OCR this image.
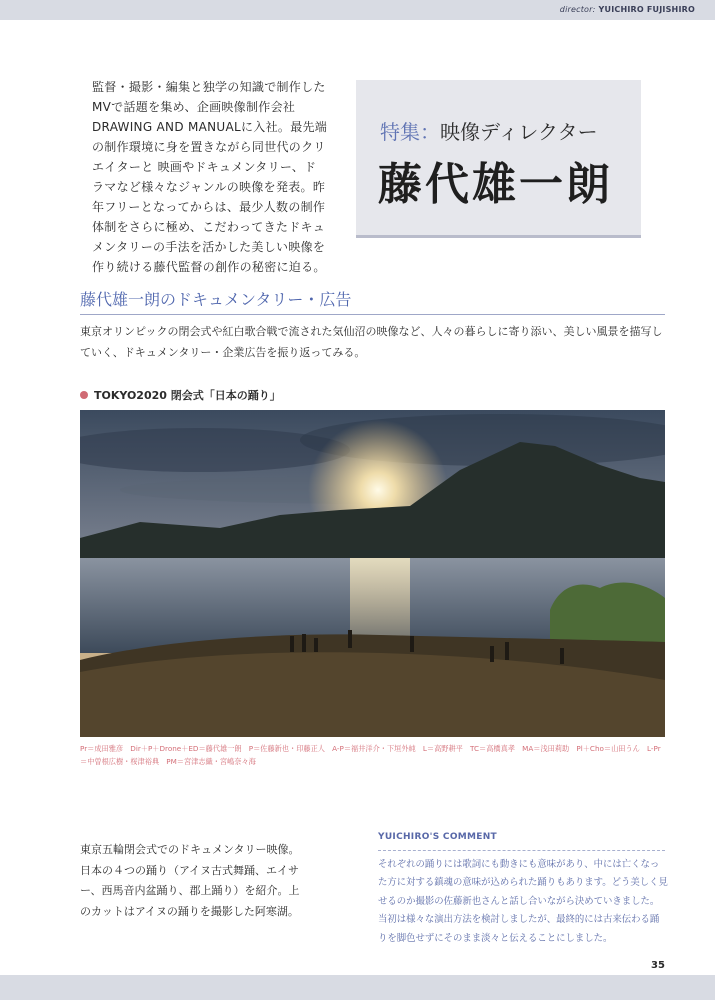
director: YUICHIRO FUJISHIRO

監督・撮影・編集と独学の知識で制作したMVで話題を集め、企画映像制作会社DRAWING AND MANUALに入社。最先端の制作環境に身を置きながら同世代のクリエイターと 映画やドキュメンタリー、ドラマなど様々なジャンルの映像を発表。昨年フリーとなってからは、最少人数の制作体制をさらに極め、こだわってきたドキュメンタリーの手法を活かした美しい映像を作り続ける藤代監督の創作の秘密に迫る。

特集：映像ディレクター
藤代雄一朗
藤代雄一朗のドキュメンタリー・広告

東京オリンピックの閉会式や紅白歌合戦で流された気仙沼の映像など、人々の暮らしに寄り添い、美しい風景を描写していく、ドキュメンタリー・企業広告を振り返ってみる。

TOKYO2020 閉会式「日本の踊り」

Pr＝成田雅彦　Dir＋P＋Drone＋ED＝藤代雄一朗　P＝佐藤新也・印藤正人　A-P＝福井洋介・下垣外純　L＝高野耕平　TC＝高橋真孝　MA＝浅田莉助　Pl＋Cho＝山田うん　L-Pr＝中曽根広樹・桜津裕典　PM＝宮津志織・宮嶋奈々海

東京五輪閉会式でのドキュメンタリー映像。日本の４つの踊り（アイヌ古式舞踊、エイサー、西馬音内盆踊り、郡上踊り）を紹介。上のカットはアイヌの踊りを撮影した阿寒湖。

YUICHIRO'S COMMENT

それぞれの踊りには歌詞にも動きにも意味があり、中には亡くなった方に対する鎮魂の意味が込められた踊りもあります。どう美しく見せるのか撮影の佐藤新也さんと話し合いながら決めていきました。当初は様々な演出方法を検討しましたが、最終的には古来伝わる踊りを脚色せずにそのまま淡々と伝えることにしました。

35
